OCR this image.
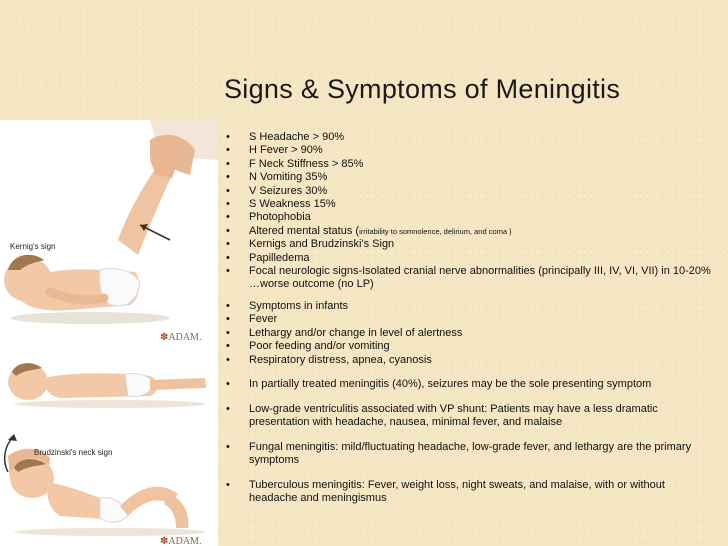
Kernig's sign
✽ADAM.
Brudzinski's neck sign
✽ADAM.
Signs & Symptoms of Meningitis
• S Headache > 90%
• H Fever > 90%
• F Neck Stiffness > 85%
• N Vomiting 35%
• V Seizures 30%
• S Weakness 15%
• Photophobia
• Altered mental status (irritability to somnolence, delirium, and coma )
• Kernigs and Brudzinski's Sign
• Papilledema
• Focal neurologic signs-Isolated cranial nerve abnormalities (principally III, IV, VI, VII) in 10-20% …worse outcome (no LP)
• Symptoms in infants
• Fever
• Lethargy and/or change in level of alertness
• Poor feeding and/or vomiting
• Respiratory distress, apnea, cyanosis
• In partially treated meningitis (40%), seizures may be the sole presenting symptom
• Low-grade ventriculitis associated with VP shunt: Patients may have a less dramatic presentation with headache, nausea, minimal fever, and malaise
• Fungal meningitis: mild/fluctuating headache, low-grade fever, and lethargy are the primary symptoms
• Tuberculous meningitis: Fever, weight loss, night sweats, and malaise, with or without headache and meningismus
